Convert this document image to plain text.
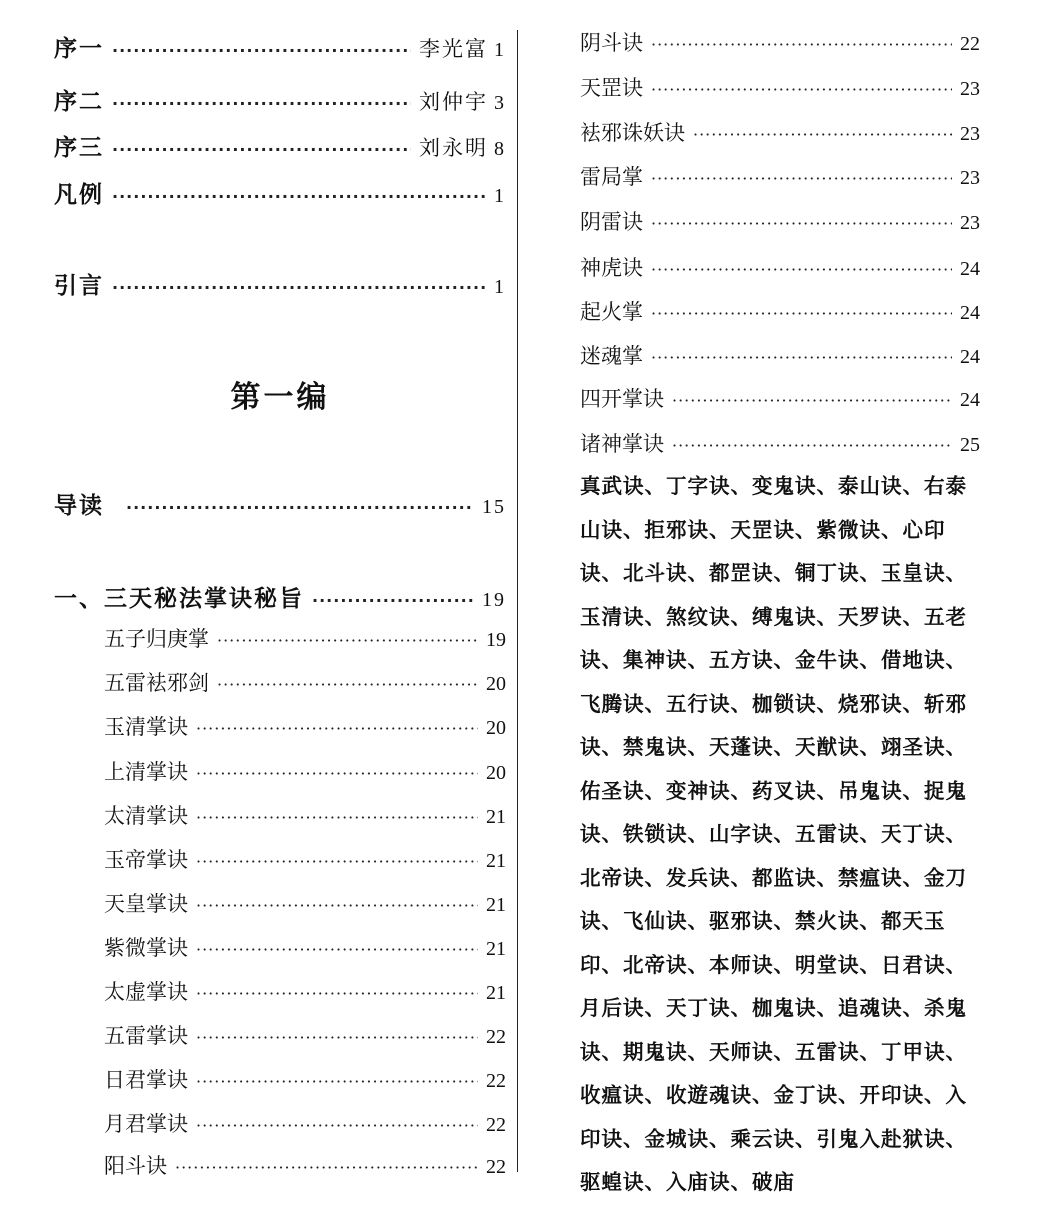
序一 ·····	李光富 1
序二 ·····	刘仲宇 3
序三 ·····	刘永明 8
凡例 ·····	1
引言 ·····	1
第一编
导读 ·····	15
一、三天秘法掌诀秘旨 ·····	19
五子归庚掌 ·····	19
五雷袪邪剑 ·····	20
玉清掌诀 ·····	20
上清掌诀 ·····	20
太清掌诀 ·····	21
玉帝掌诀 ·····	21
天皇掌诀 ·····	21
紫微掌诀 ·····	21
太虚掌诀 ·····	21
五雷掌诀 ·····	22
日君掌诀 ·····	22
月君掌诀 ·····	22
阳斗诀 ·····	22
阴斗诀 ·····	22
天罡诀 ·····	23
袪邪诛妖诀 ·····	23
雷局掌 ·····	23
阴雷诀 ·····	23
神虎诀 ·····	24
起火掌 ·····	24
迷魂掌 ·····	24
四开掌诀 ·····	24
诸神掌诀 ·····	25
真武诀、丁字诀、变鬼诀、泰山诀、右泰山诀、拒邪诀、天罡诀、紫微诀、心印诀、北斗诀、都罡诀、铜丁诀、玉皇诀、玉清诀、煞纹诀、缚鬼诀、天罗诀、五老诀、集神诀、五方诀、金牛诀、借地诀、飞腾诀、五行诀、枷锁诀、烧邪诀、斩邪诀、禁鬼诀、天蓬诀、天猷诀、翊圣诀、佑圣诀、变神诀、药叉诀、吊鬼诀、捉鬼诀、铁锁诀、山字诀、五雷诀、天丁诀、北帝诀、发兵诀、都监诀、禁瘟诀、金刀诀、飞仙诀、驱邪诀、禁火诀、都天玉印、北帝诀、本师诀、明堂诀、日君诀、月后诀、天丁诀、枷鬼诀、追魂诀、杀鬼诀、期鬼诀、天师诀、五雷诀、丁甲诀、收瘟诀、收遊魂诀、金丁诀、开印诀、入印诀、金城诀、乘云诀、引鬼入赴狱诀、驱蝗诀、入庙诀、破庙
